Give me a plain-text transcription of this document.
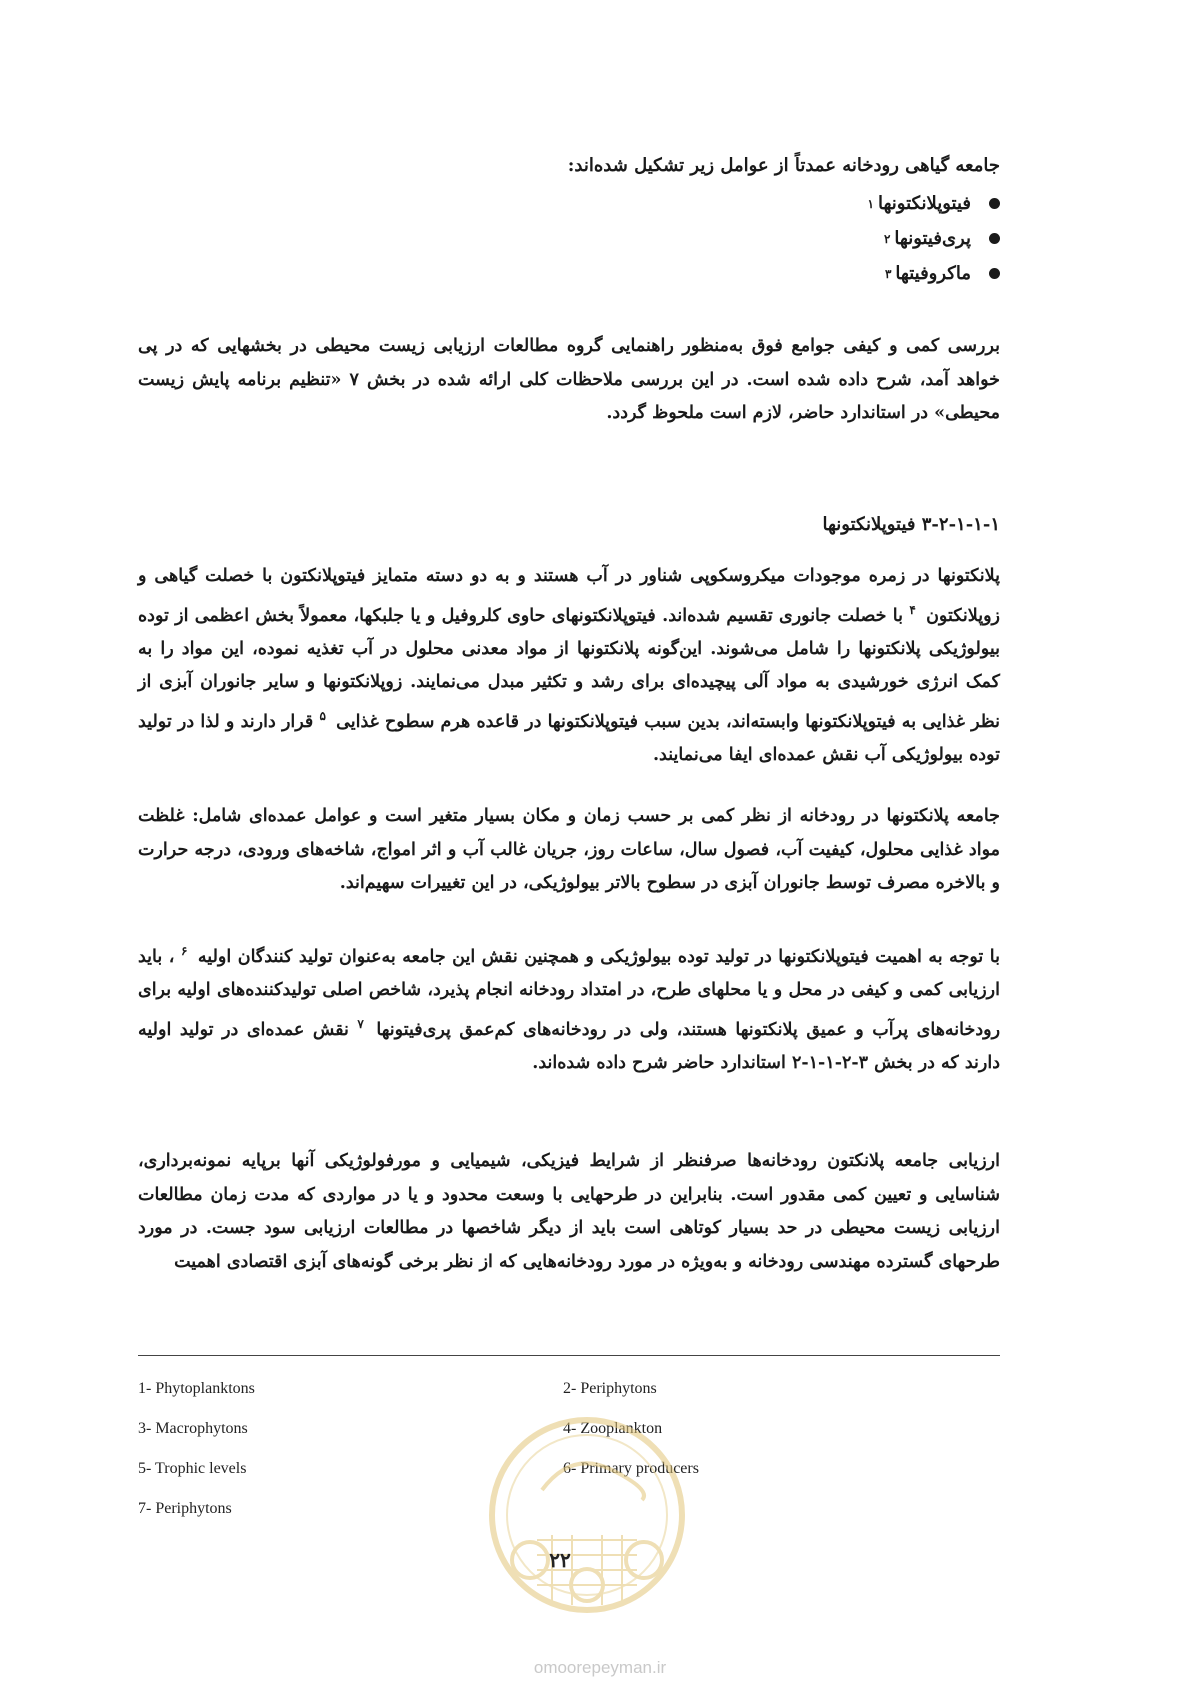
جامعه گیاهی رودخانه عمدتاً از عوامل زیر تشکیل شده‌اند:
فیتوپلانکتونها
۱
پری‌فیتونها
۲
ماکروفیتها
۳

بررسی کمی و کیفی جوامع فوق به‌منظور راهنمایی گروه مطالعات ارزیابی زیست محیطی در بخشهایی که در پی خواهد آمد، شرح داده شده است. در این بررسی ملاحظات کلی ارائه شده در بخش ۷ «تنظیم برنامه پایش زیست محیطی» در استاندارد حاضر، لازم است ملحوظ گردد.

۳-۲-۱-۱-۱ فیتوپلانکتونها

پلانکتونها در زمره موجودات میکروسکوپی شناور در آب هستند و به دو دسته متمایز فیتوپلانکتون با خصلت گیاهی و زوپلانکتون $^۴$ با خصلت جانوری تقسیم شده‌اند. فیتوپلانکتونهای حاوی کلروفیل و یا جلبکها، معمولاً بخش اعظمی از توده بیولوژیکی پلانکتونها را شامل می‌شوند. این‌گونه پلانکتونها از مواد معدنی محلول در آب تغذیه نموده، این مواد را به کمک انرژی خورشیدی به مواد آلی پیچیده‌ای برای رشد و تکثیر مبدل می‌نمایند. زوپلانکتونها و سایر جانوران آبزی از نظر غذایی به فیتوپلانکتونها وابسته‌اند، بدین سبب فیتوپلانکتونها در قاعده هرم سطوح غذایی $^۵$ قرار دارند و لذا در تولید توده بیولوژیکی آب نقش عمده‌ای ایفا می‌نمایند.

جامعه پلانکتونها در رودخانه از نظر کمی بر حسب زمان و مکان بسیار متغیر است و عوامل عمده‌ای شامل: غلظت مواد غذایی محلول، کیفیت آب، فصول سال، ساعات روز، جریان غالب آب و اثر امواج، شاخه‌های ورودی، درجه حرارت و بالاخره مصرف توسط جانوران آبزی در سطوح بالاتر بیولوژیکی، در این تغییرات سهیم‌اند.

با توجه به اهمیت فیتوپلانکتونها در تولید توده بیولوژیکی و همچنین نقش این جامعه به‌عنوان تولید کنندگان اولیه $^۶$ ، باید ارزیابی کمی و کیفی در محل و یا محلهای طرح، در امتداد رودخانه انجام پذیرد، شاخص اصلی تولیدکننده‌های اولیه برای رودخانه‌های پرآب و عمیق پلانکتونها هستند، ولی در رودخانه‌های کم‌عمق پری‌فیتونها $^۷$ نقش عمده‌ای در تولید اولیه دارند که در بخش ۳-۲-۱-۱-۲ استاندارد حاضر شرح داده شده‌اند.

ارزیابی جامعه پلانکتون رودخانه‌ها صرفنظر از شرایط فیزیکی، شیمیایی و مورفولوژیکی آنها برپایه نمونه‌برداری، شناسایی و تعیین کمی مقدور است. بنابراین در طرحهایی با وسعت محدود و یا در مواردی که مدت زمان مطالعات ارزیابی زیست محیطی در حد بسیار کوتاهی است باید از دیگر شاخصها در مطالعات ارزیابی سود جست. در مورد طرحهای گسترده مهندسی رودخانه و به‌ویژه در مورد رودخانه‌هایی که از نظر برخی گونه‌های آبزی اقتصادی اهمیت

1- Phytoplanktons	2- Periphytons
3- Macrophytons	4- Zooplankton
5- Trophic levels	6- Primary producers
7- Periphytons
۲۲
omoorepeyman.ir
